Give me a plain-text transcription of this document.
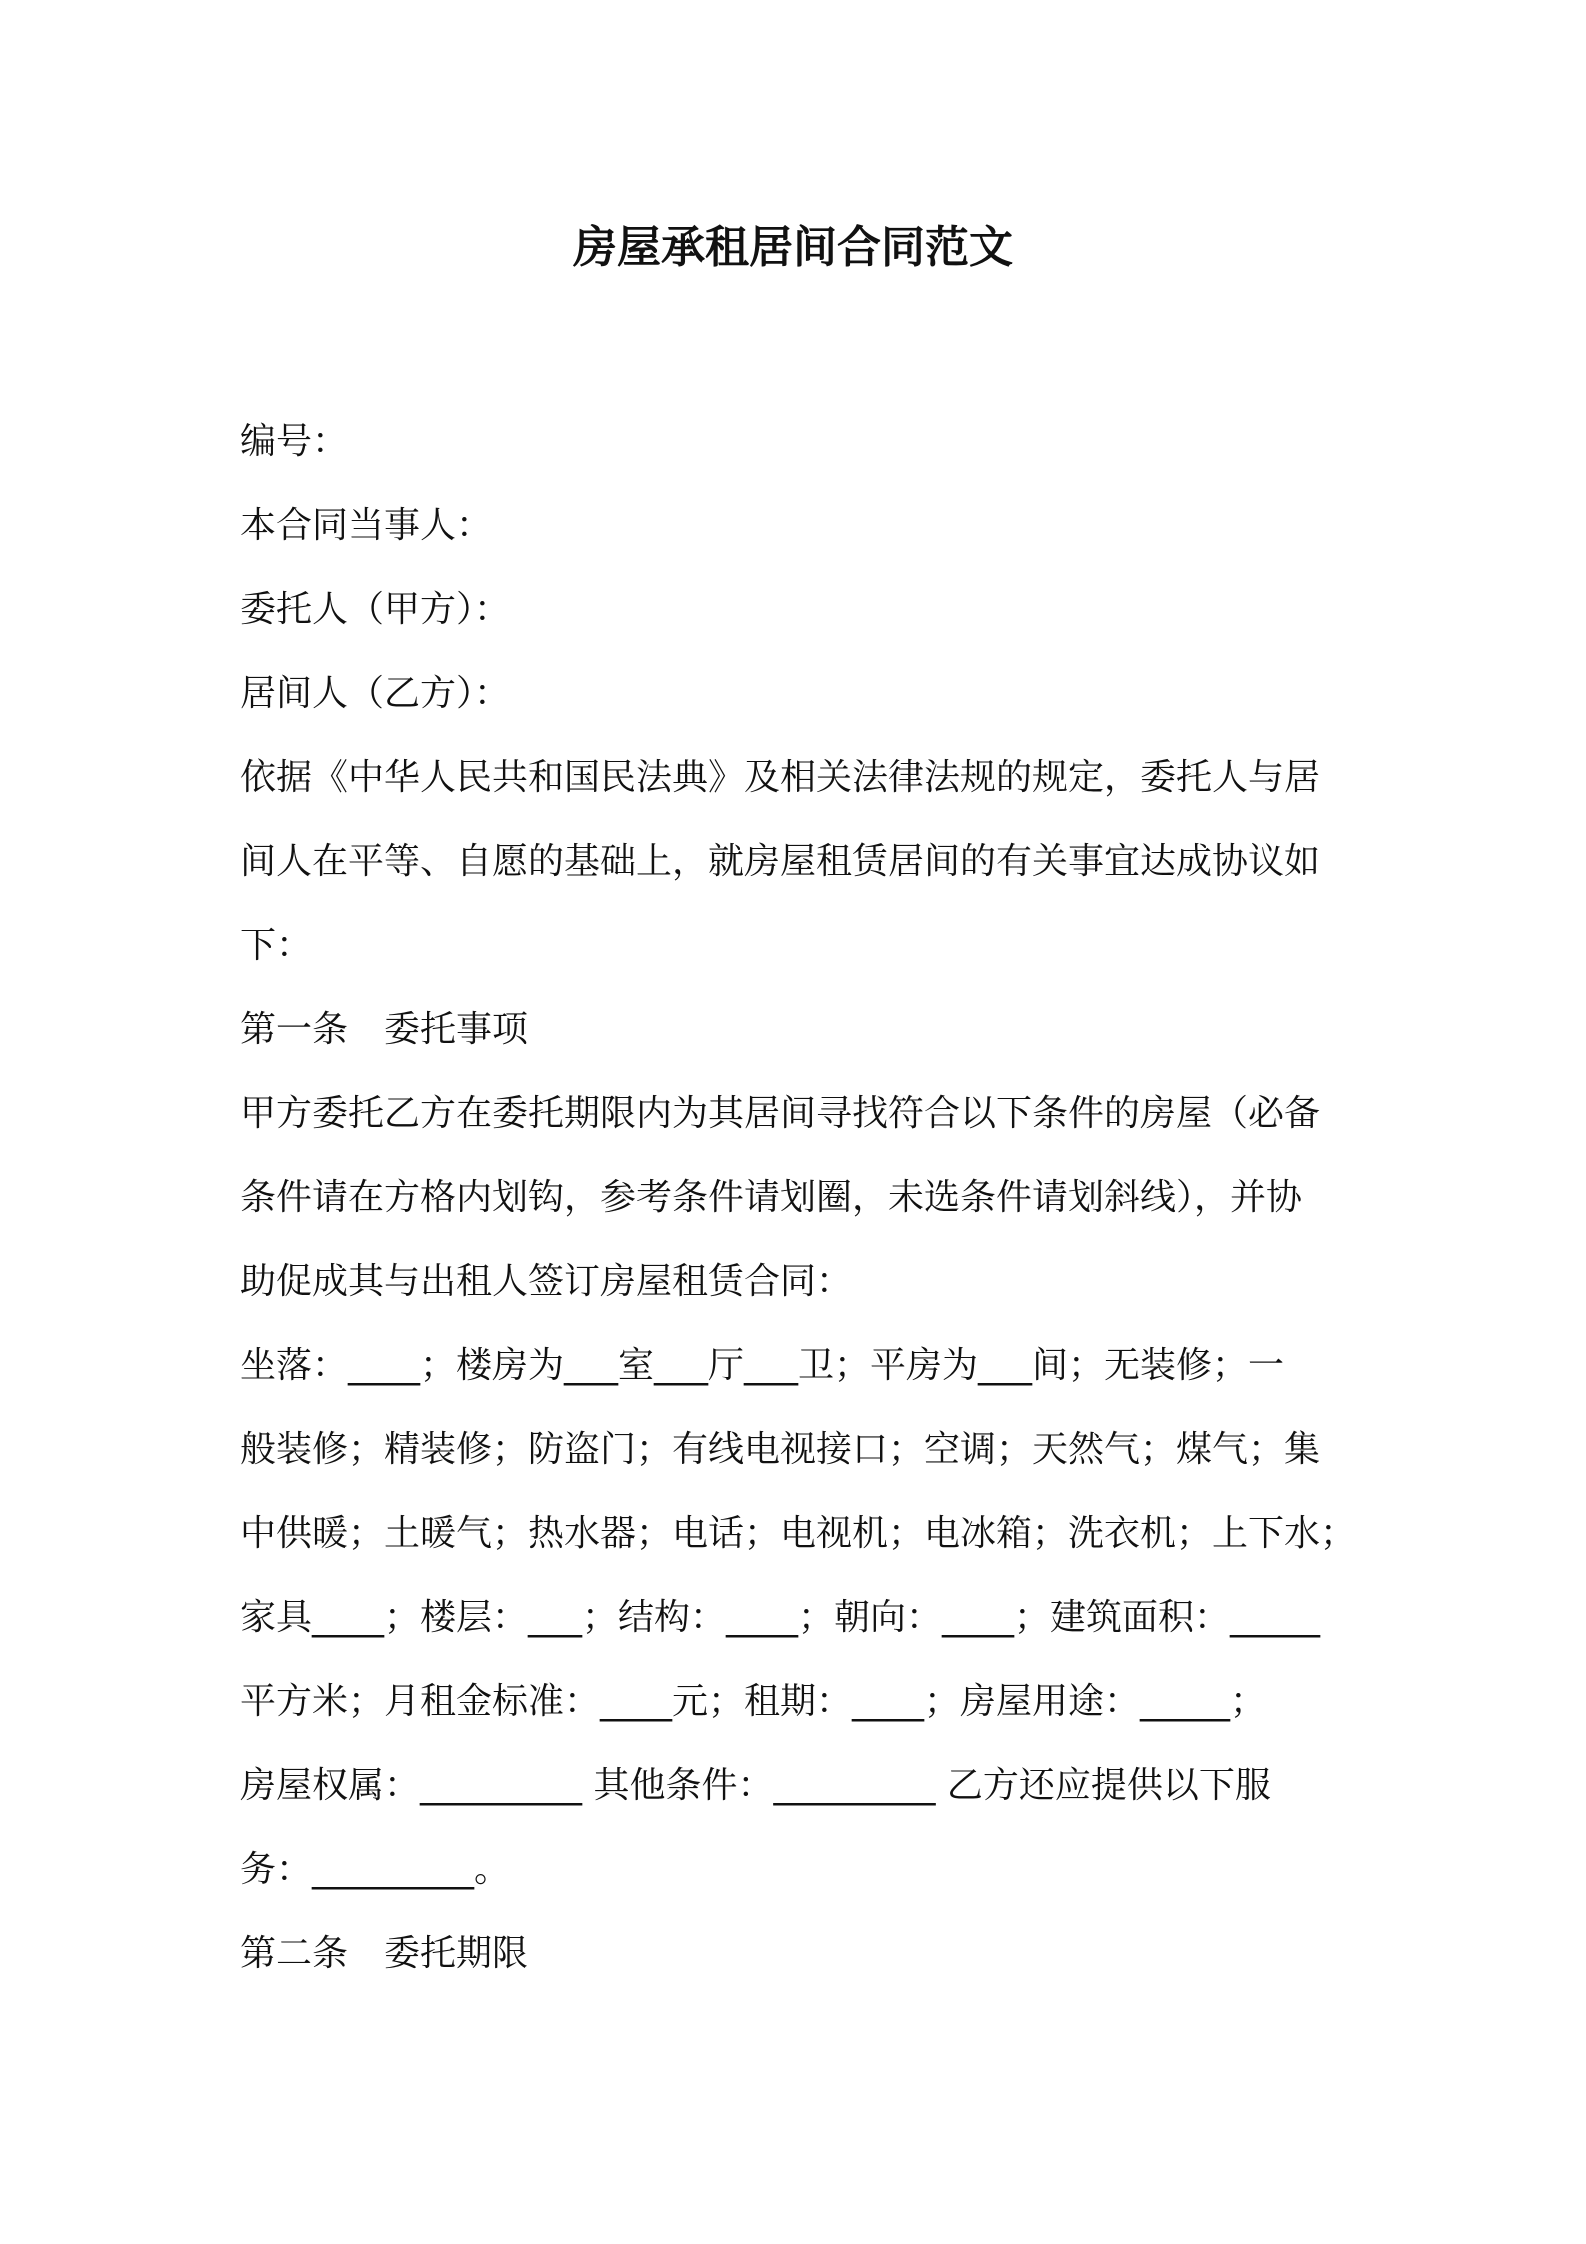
房屋承租居间合同范文
编号：
本合同当事人：
委托人（甲方）：
居间人（乙方）：
依据《中华人民共和国民法典》及相关法律法规的规定，委托人与居
间人在平等、自愿的基础上，就房屋租赁居间的有关事宜达成协议如
下：
第一条　委托事项
甲方委托乙方在委托期限内为其居间寻找符合以下条件的房屋（必备
条件请在方格内划钩，参考条件请划圈，未选条件请划斜线），并协
助促成其与出租人签订房屋租赁合同：
坐落：____；楼房为___室___厅___卫；平房为___间；无装修；一
般装修；精装修；防盗门；有线电视接口；空调；天然气；煤气；集
中供暖；土暖气；热水器；电话；电视机；电冰箱；洗衣机；上下水；
家具____；楼层：___；结构：____；朝向：____；建筑面积：_____
平方米；月租金标准：____元；租期：____；房屋用途：_____；
房屋权属：_________ 其他条件：_________ 乙方还应提供以下服
务：_________。
第二条　委托期限
